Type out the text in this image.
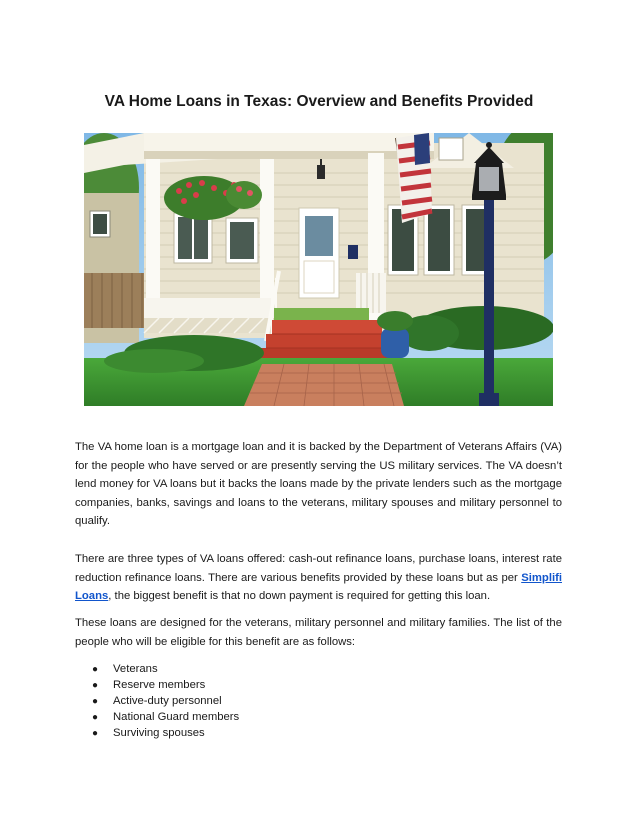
VA Home Loans in Texas: Overview and Benefits Provided

The VA home loan is a mortgage loan and it is backed by the Department of Veterans Affairs (VA) for the people who have served or are presently serving the US military services. The VA doesn’t lend money for VA loans but it backs the loans made by the private lenders such as the mortgage companies, banks, savings and loans to the veterans, military spouses and military personnel to qualify.

There are three types of VA loans offered: cash-out refinance loans, purchase loans, interest rate reduction refinance loans. There are various benefits provided by these loans but as per Simplifi Loans, the biggest benefit is that no down payment is required for getting this loan.

These loans are designed for the veterans, military personnel and military families. The list of the people who will be eligible for this benefit are as follows:

● Veterans
● Reserve members
● Active-duty personnel
● National Guard members
● Surviving spouses
